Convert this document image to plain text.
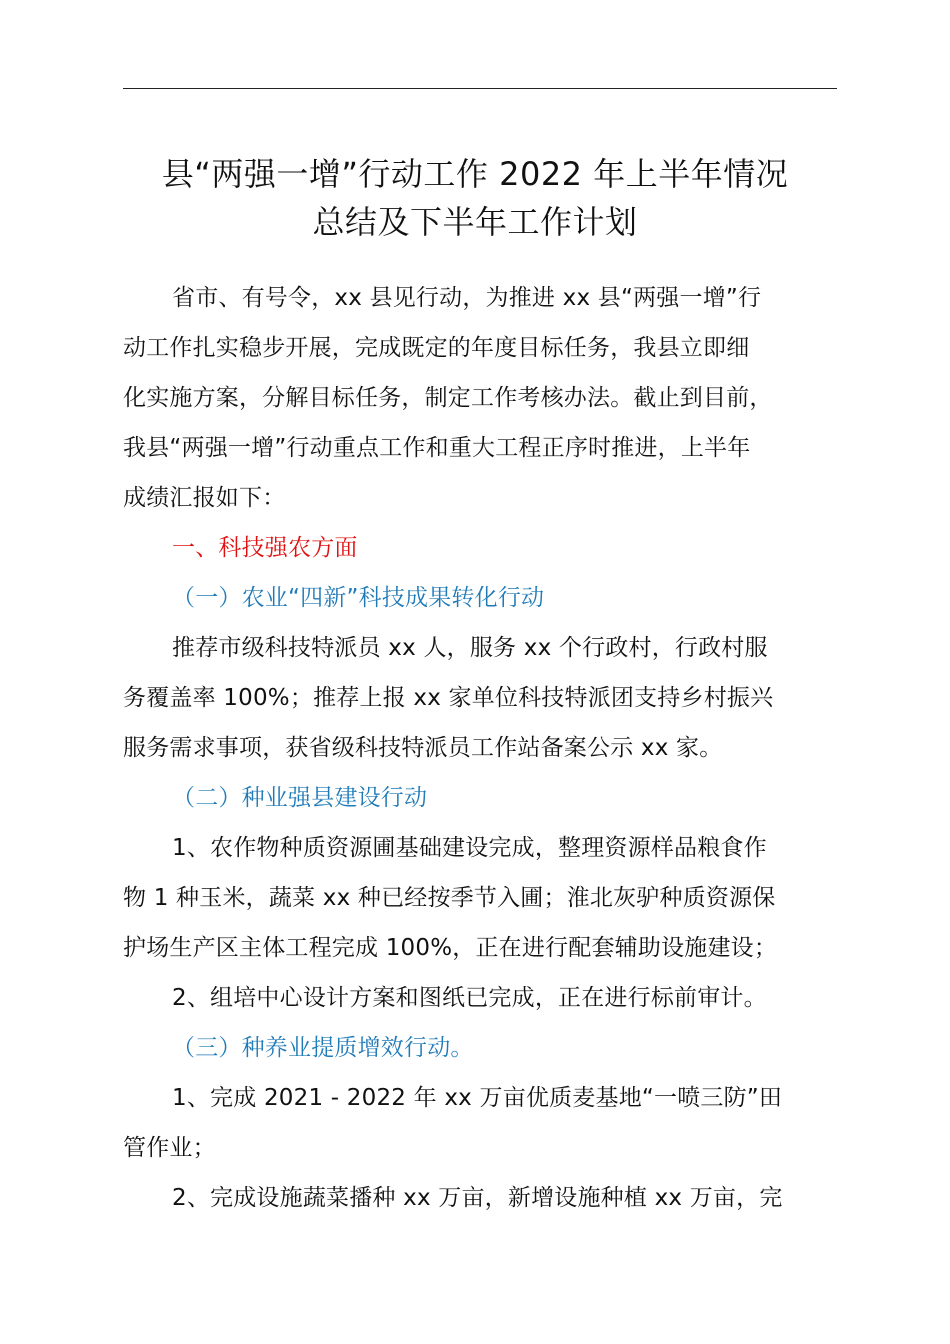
县“两强一增”行动工作 2022 年上半年情况
总结及下半年工作计划
省市、有号令，xx 县见行动，为推进 xx 县“两强一增”行
动工作扎实稳步开展，完成既定的年度目标任务，我县立即细
化实施方案，分解目标任务，制定工作考核办法。截止到目前，
我县“两强一增”行动重点工作和重大工程正序时推进，上半年
成绩汇报如下：
一、科技强农方面
（一）农业“四新”科技成果转化行动
推荐市级科技特派员 xx 人，服务 xx 个行政村，行政村服
务覆盖率 100%；推荐上报 xx 家单位科技特派团支持乡村振兴
服务需求事项，获省级科技特派员工作站备案公示 xx 家。
（二）种业强县建设行动
1、农作物种质资源圃基础建设完成，整理资源样品粮食作
物 1 种玉米，蔬菜 xx 种已经按季节入圃；淮北灰驴种质资源保
护场生产区主体工程完成 100%，正在进行配套辅助设施建设；
2、组培中心设计方案和图纸已完成，正在进行标前审计。
（三）种养业提质增效行动。
1、完成 2021 - 2022 年 xx 万亩优质麦基地“一喷三防”田
管作业；
2、完成设施蔬菜播种 xx 万亩，新增设施种植 xx 万亩，完
